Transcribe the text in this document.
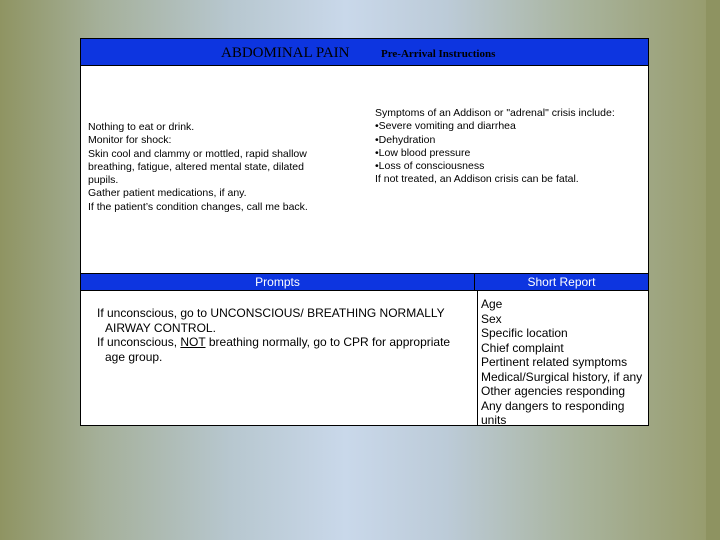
ABDOMINAL PAIN	Pre-Arrival Instructions
Nothing to eat or drink.
Monitor for shock:
Skin cool and clammy or mottled, rapid shallow
breathing, fatigue, altered mental state, dilated
pupils.
Gather patient medications, if any.
If the patient’s condition changes, call me back.
Symptoms of an Addison or "adrenal" crisis include:
•Severe vomiting and diarrhea
•Dehydration
•Low blood pressure
•Loss of consciousness
If not treated, an Addison crisis can be fatal.
Prompts	Short Report
If unconscious, go to UNCONSCIOUS/ BREATHING NORMALLY
AIRWAY CONTROL.
If unconscious, NOT breathing normally, go to CPR for appropriate
age group.
Age
Sex
Specific location
Chief complaint
Pertinent related symptoms
Medical/Surgical history, if any
Other agencies responding
Any dangers to responding
units
